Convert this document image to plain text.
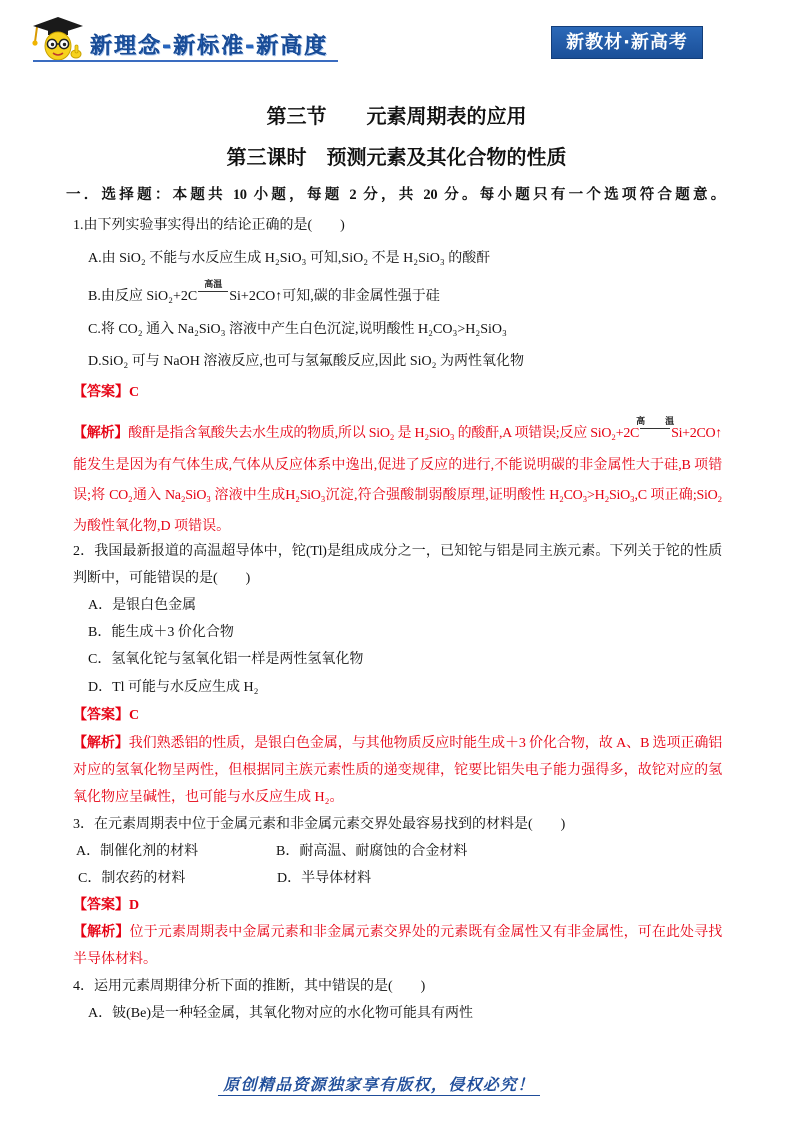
新理念-新标准-新高度	新教材·新高考
第三节　　元素周期表的应用
第三课时　预测元素及其化合物的性质
一．选择题：本题共 10 小题，每题 2 分，共 20 分。每小题只有一个选项符合题意。
1.由下列实验事实得出的结论正确的是(　　)
A.由 SiO₂ 不能与水反应生成 H₂SiO₃ 可知,SiO₂ 不是 H₂SiO₃ 的酸酐
B.由反应 SiO₂+2C
高温
Si+2CO↑可知,碳的非金属性强于硅
C.将 CO₂ 通入 Na₂SiO₃ 溶液中产生白色沉淀,说明酸性 H₂CO₃>H₂SiO₃
D.SiO₂ 可与 NaOH 溶液反应,也可与氢氟酸反应,因此 SiO₂ 为两性氧化物
【答案】C
【解析】酸酐是指含氧酸失去水生成的物质,所以 SiO₂ 是 H₂SiO₃ 的酸酐,A 项错误;反应 SiO₂+2C
高温
Si+2CO↑
能发生是因为有气体生成,气体从反应体系中逸出,促进了反应的进行,不能说明碳的非金属性大于硅,B 项错
误;将 CO₂通入 Na₂SiO₃ 溶液中生成H₂SiO₃沉淀,符合强酸制弱酸原理,证明酸性 H₂CO₃>H₂SiO₃,C 项正确;SiO₂
为酸性氧化物,D 项错误。
2．我国最新报道的高温超导体中，铊(Tl)是组成成分之一，已知铊与铝是同主族元素。下列关于铊的性质
判断中，可能错误的是(　　)
A．是银白色金属
B．能生成＋3 价化合物
C．氢氧化铊与氢氧化铝一样是两性氢氧化物
D．Tl 可能与水反应生成 H₂
【答案】C
【解析】我们熟悉铝的性质，是银白色金属，与其他物质反应时能生成＋3 价化合物，故 A、B 选项正确铝
对应的氢氧化物呈两性，但根据同主族元素性质的递变规律，铊要比铝失电子能力强得多，故铊对应的氢
氧化物应呈碱性，也可能与水反应生成 H₂。
3．在元素周期表中位于金属元素和非金属元素交界处最容易找到的材料是(　　)
A．制催化剂的材料	B．耐高温、耐腐蚀的合金材料
C．制农药的材料	D．半导体材料
【答案】D
【解析】位于元素周期表中金属元素和非金属元素交界处的元素既有金属性又有非金属性，可在此处寻找
半导体材料。
4．运用元素周期律分析下面的推断，其中错误的是(　　)
A．铍(Be)是一种轻金属，其氧化物对应的水化物可能具有两性
原创精品资源独家享有版权，侵权必究！
